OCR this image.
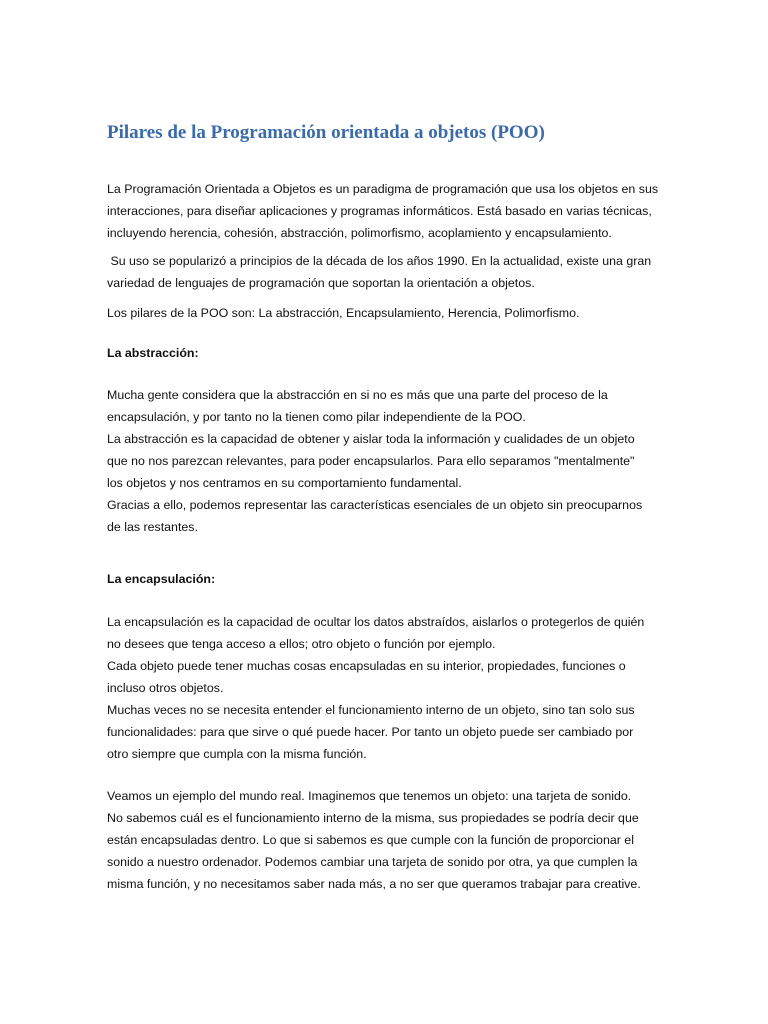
Pilares de la Programación orientada a objetos (POO)
La Programación Orientada a Objetos es un paradigma de programación que usa los objetos en sus
interacciones, para diseñar aplicaciones y programas informáticos. Está basado en varias técnicas,
incluyendo herencia, cohesión, abstracción, polimorfismo, acoplamiento y encapsulamiento.
Su uso se popularizó a principios de la década de los años 1990. En la actualidad, existe una gran
variedad de lenguajes de programación que soportan la orientación a objetos.
Los pilares de la POO son: La abstracción, Encapsulamiento, Herencia, Polimorfismo.
La abstracción:

Mucha gente considera que la abstracción en si no es más que una parte del proceso de la

encapsulación, y por tanto no la tienen como pilar independiente de la POO.

La abstracción es la capacidad de obtener y aislar toda la información y cualidades de un objeto

que no nos parezcan relevantes, para poder encapsularlos. Para ello separamos "mentalmente"

los objetos y nos centramos en su comportamiento fundamental.

Gracias a ello, podemos representar las características esenciales de un objeto sin preocuparnos

de las restantes.

La encapsulación:

La encapsulación es la capacidad de ocultar los datos abstraídos, aislarlos o protegerlos de quién

no desees que tenga acceso a ellos; otro objeto o función por ejemplo.

Cada objeto puede tener muchas cosas encapsuladas en su interior, propiedades, funciones o

incluso otros objetos.

Muchas veces no se necesita entender el funcionamiento interno de un objeto, sino tan solo sus

funcionalidades: para que sirve o qué puede hacer. Por tanto un objeto puede ser cambiado por

otro siempre que cumpla con la misma función.

Veamos un ejemplo del mundo real. Imaginemos que tenemos un objeto: una tarjeta de sonido.

No sabemos cuál es el funcionamiento interno de la misma, sus propiedades se podría decir que

están encapsuladas dentro. Lo que si sabemos es que cumple con la función de proporcionar el

sonido a nuestro ordenador. Podemos cambiar una tarjeta de sonido por otra, ya que cumplen la

misma función, y no necesitamos saber nada más, a no ser que queramos trabajar para creative.
